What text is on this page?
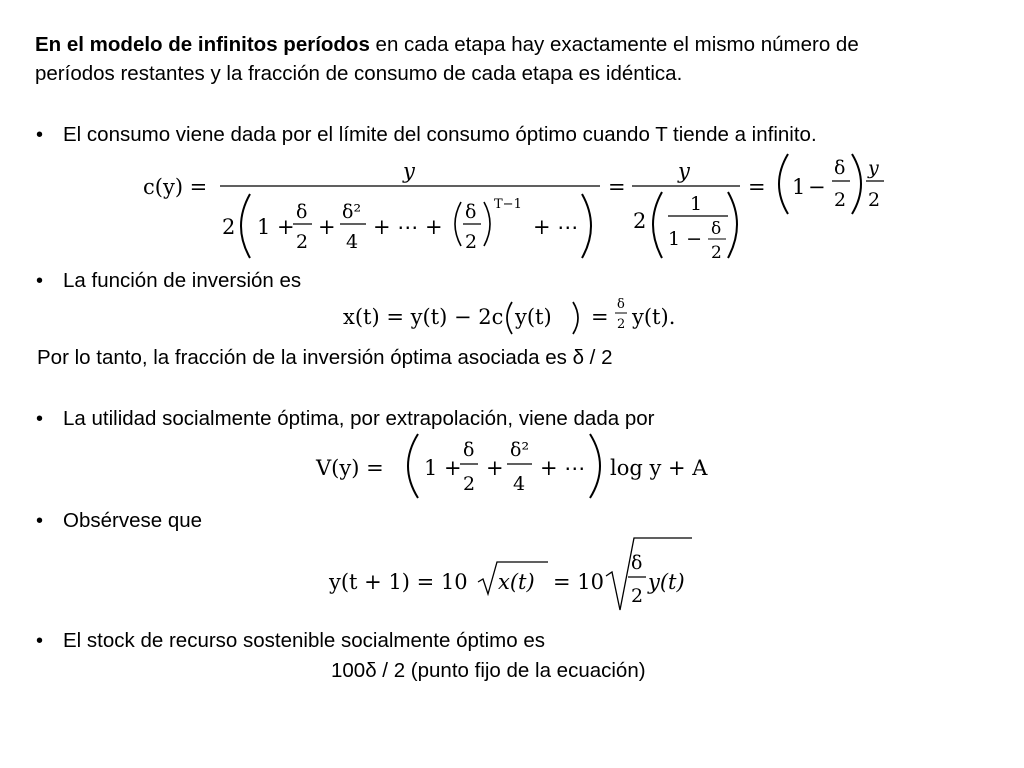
En el modelo de infinitos períodos en cada etapa hay exactamente el mismo número de
períodos restantes y la fracción de consumo de cada etapa es idéntica.
• El consumo viene dada por el límite del consumo óptimo cuando T tiende a infinito.
c(y) =
y
2 1 +
δ
2
+
δ²
4
+ ⋯ +
δ
2
T−1
+ ⋯
=
y
2
1
1 − δ
2
= 1 −
δ
2
y
2
• La función de inversión es
x(t) = y(t) − 2c y(t) =
δ
2 y(t).
Por lo tanto, la fracción de la inversión óptima asociada es δ / 2
• La utilidad socialmente óptima, por extrapolación, viene dada por
V(y) = 1 +
δ
2
+
δ²
4
+ ⋯ log y + A
• Obsérvese que
y(t + 1) = 10 x(t) = 10
δ
2
y(t)
• El stock de recurso sostenible socialmente óptimo es
100δ / 2 (punto fijo de la ecuación)
